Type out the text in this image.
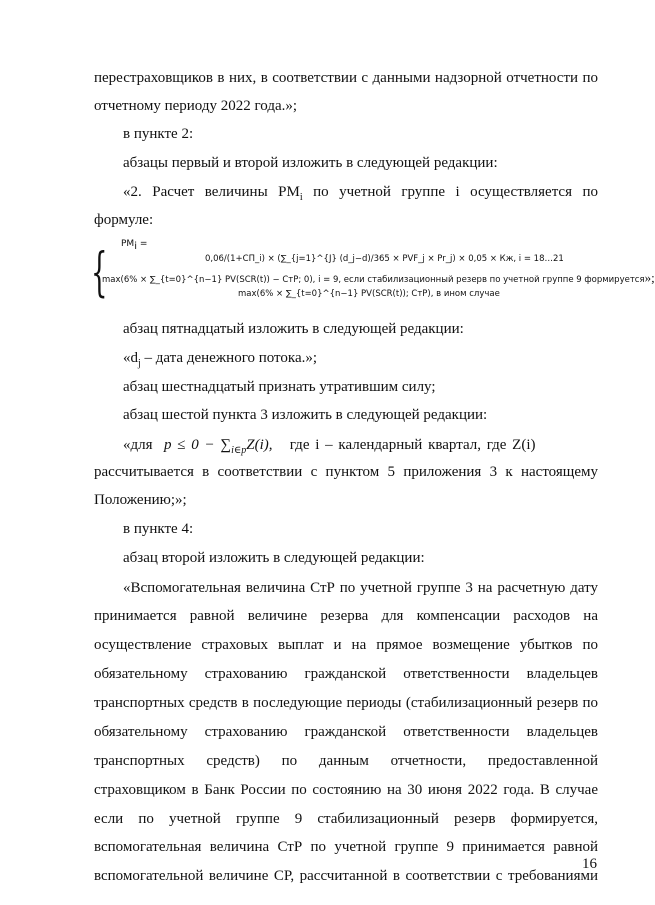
перестраховщиков в них, в соответствии с данными надзорной отчетности по
отчетному периоду 2022 года.»;
в пункте 2:
абзацы первый и второй изложить в следующей редакции:
«2. Расчет величины $PM_i$ по учетной группе i осуществляется по
формуле:
$PM_i$ =
{	0,06/(1+CΠ_i) × (∑_{j=1}^{J} (d_j−d)/365 × PVF_j × Pr_j) × 0,05 × Кж, i = 18…21
max(6% × ∑_{t=0}^{n−1} PV(SCR(t)) − СтР; 0), i = 9, если стабилизационный резерв по учетной группе 9 формируется»;
max(6% × ∑_{t=0}^{n−1} PV(SCR(t)); СтР), в ином случае
абзац пятнадцатый изложить в следующей редакции:
«$d_j$ – дата денежного потока.»;
абзац шестнадцатый признать утратившим силу;
абзац шестой пункта 3 изложить в следующей редакции:
«для $p \le 0 - \sum_{i\in p}Z(i)$, где i – календарный квартал, где Z(i)
рассчитывается в соответствии с пунктом 5 приложения 3 к настоящему
Положению;»;
в пункте 4:
абзац второй изложить в следующей редакции:
«Вспомогательная величина СтР по учетной группе 3 на расчетную дату
принимается равной величине резерва для компенсации расходов на
осуществление страховых выплат и на прямое возмещение убытков по
обязательному страхованию гражданской ответственности владельцев
транспортных средств в последующие периоды (стабилизационный резерв по
обязательному страхованию гражданской ответственности владельцев
транспортных средств) по данным отчетности, предоставленной
страховщиком в Банк России по состоянию на 30 июня 2022 года. В случае
если по учетной группе 9 стабилизационный резерв формируется,
вспомогательная величина СтР по учетной группе 9 принимается равной
вспомогательной величине СР, рассчитанной в соответствии с требованиями
16
